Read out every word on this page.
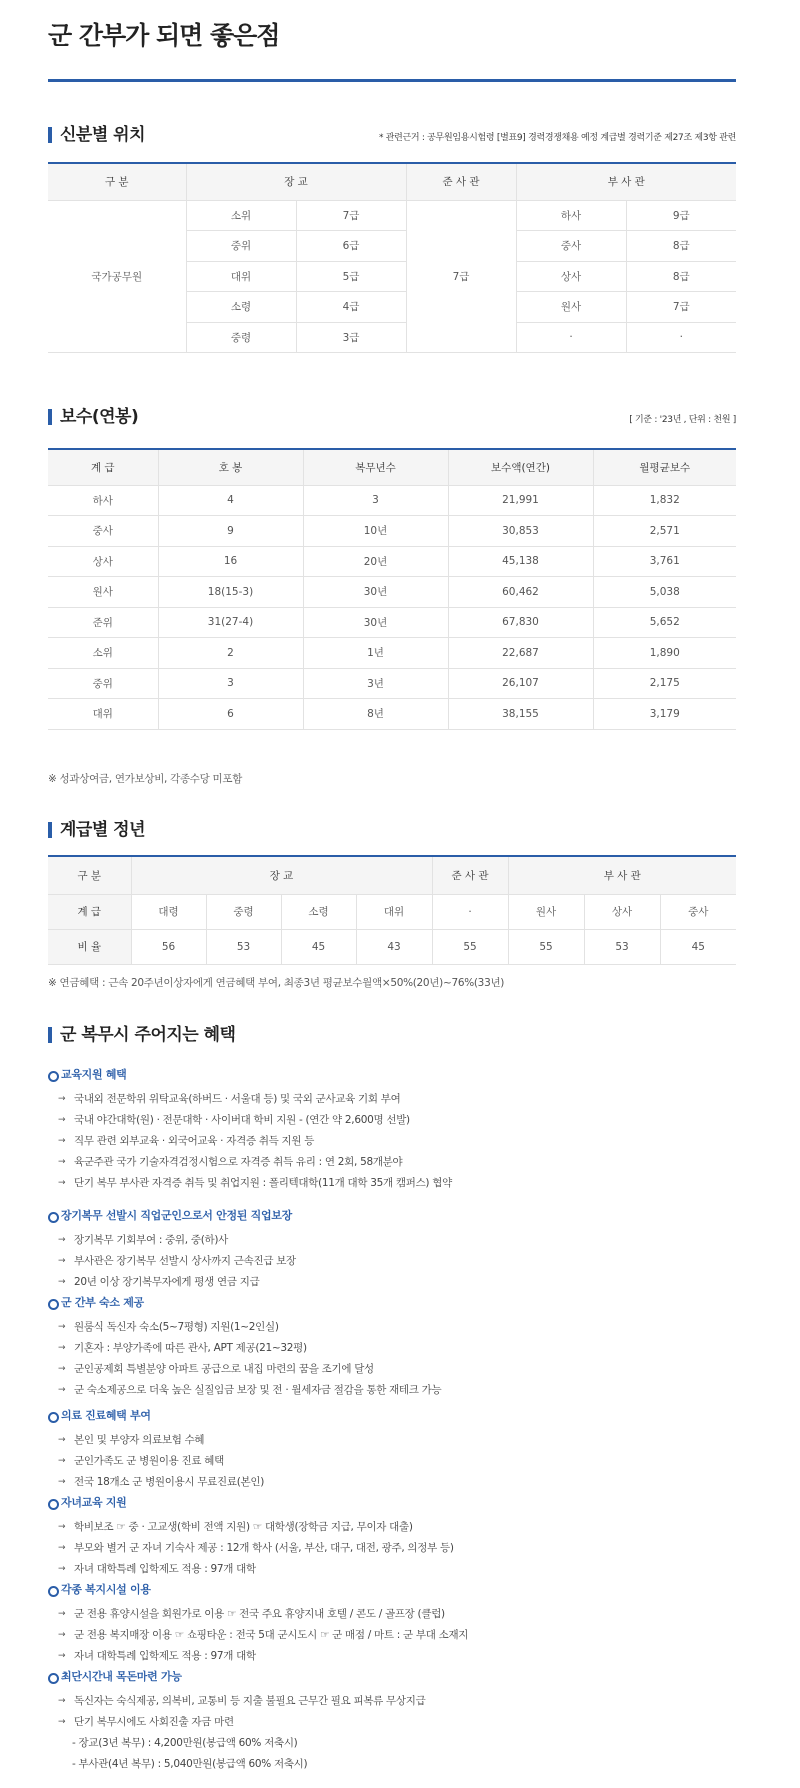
군 간부가 되면 좋은점
신분별 위치	* 관련근거 : 공무원임용시험령 [별표9] 경력경쟁채용 예정 계급별 경력기준 제27조 제3항 관련
구 분	장 교		준 사 관	부 사 관	
국가공무원	소위	7급	7급	하사	9급
	중위	6급		중사	8급
	대위	5급		상사	8급
	소령	4급		원사	7급
	중령	3급		·	·
보수(연봉)	[ 기준 : '23년 , 단위 : 천원 ]
계 급	호 봉	복무년수	보수액(연간)	월평균보수
하사	4	3	21,991	1,832
중사	9	10년	30,853	2,571
상사	16	20년	45,138	3,761
원사	18(15-3)	30년	60,462	5,038
준위	31(27-4)	30년	67,830	5,652
소위	2	1년	22,687	1,890
중위	3	3년	26,107	2,175
대위	6	8년	38,155	3,179
※ 성과상여금, 연가보상비, 각종수당 미포함
계급별 정년
구 분	장 교				준 사 관	부 사 관		
계 급	대령	중령	소령	대위	·	원사	상사	중사
비 율	56	53	45	43	55	55	53	45
※ 연금혜택 : 근속 20주년이상자에게 연금혜택 부여, 최종3년 평균보수월액×50%(20년)~76%(33년)
군 복무시 주어지는 혜택
교육지원 혜택
→ 국내외 전문학위 위탁교육(하버드 · 서울대 등) 및 국외 군사교육 기회 부여
→ 국내 야간대학(원) · 전문대학 · 사이버대 학비 지원 - (연간 약 2,600명 선발)
→ 직무 관련 외부교육 · 외국어교육 · 자격증 취득 지원 등
→ 육군주관 국가 기술자격검정시험으로 자격증 취득 유리 : 연 2회, 58개분야
→ 단기 복무 부사관 자격증 취득 및 취업지원 : 폴리텍대학(11개 대학 35개 캠퍼스) 협약
장기복무 선발시 직업군인으로서 안정된 직업보장
→ 장기복무 기회부여 : 중위, 중(하)사
→ 부사관은 장기복무 선발시 상사까지 근속진급 보장
→ 20년 이상 장기복무자에게 평생 연금 지급
군 간부 숙소 제공
→ 원룸식 독신자 숙소(5~7평형) 지원(1~2인실)
→ 기혼자 : 부양가족에 따른 관사, APT 제공(21~32평)
→ 군인공제회 특별분양 아파트 공급으로 내집 마련의 꿈을 조기에 달성
→ 군 숙소제공으로 더욱 높은 실질임금 보장 및 전 · 월세자금 절감을 통한 재테크 가능
의료 진료혜택 부여
→ 본인 및 부양자 의료보험 수혜
→ 군인가족도 군 병원이용 진료 혜택
→ 전국 18개소 군 병원이용시 무료진료(본인)
자녀교육 지원
→ 학비보조 ☞ 중 · 고교생(학비 전액 지원) ☞ 대학생(장학금 지급, 무이자 대출)
→ 부모와 별거 군 자녀 기숙사 제공 : 12개 학사 (서울, 부산, 대구, 대전, 광주, 의정부 등)
→ 자녀 대학특례 입학제도 적용 : 97개 대학
각종 복지시설 이용
→ 군 전용 휴양시설을 회원가로 이용 ☞ 전국 주요 휴양지내 호텔 / 콘도 / 골프장 (클럽)
→ 군 전용 복지매장 이용 ☞ 쇼핑타운 : 전국 5대 군시도시 ☞ 군 매점 / 마트 : 군 부대 소재지
→ 자녀 대학특례 입학제도 적용 : 97개 대학
최단시간내 목돈마련 가능
→ 독신자는 숙식제공, 의복비, 교통비 등 지출 불필요 근무간 필요 피복류 무상지급
→ 단기 복무시에도 사회진출 자금 마련
- 장교(3년 복무) : 4,200만원(봉급액 60% 저축시)
- 부사관(4년 복무) : 5,040만원(봉급액 60% 저축시)
